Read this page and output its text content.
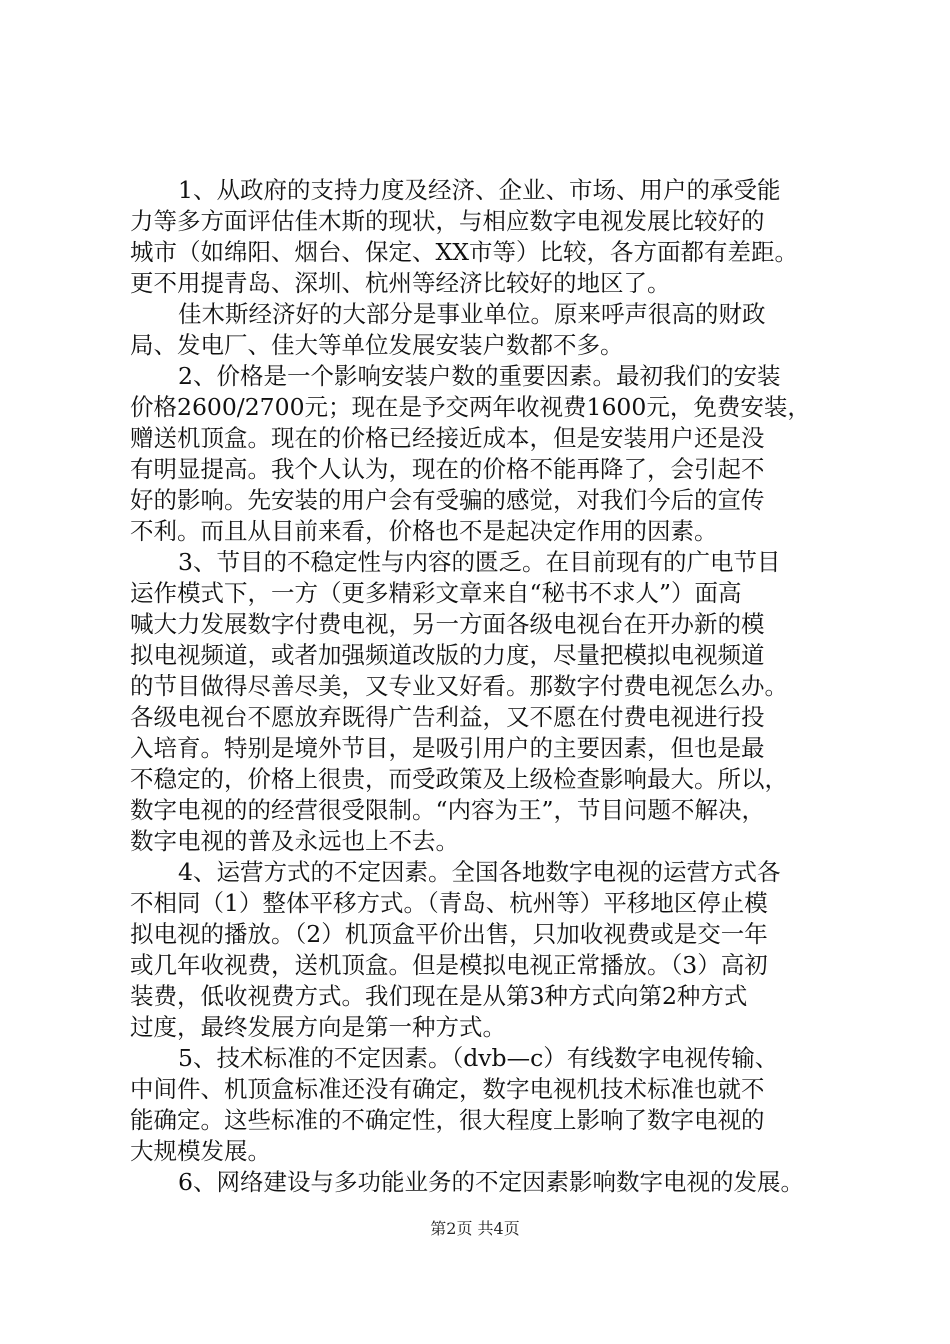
1、从政府的支持力度及经济、企业、市场、用户的承受能

力等多方面评估佳木斯的现状，与相应数字电视发展比较好的

城市（如绵阳、烟台、保定、XX市等）比较，各方面都有差距。

更不用提青岛、深圳、杭州等经济比较好的地区了。

佳木斯经济好的大部分是事业单位。原来呼声很高的财政

局、发电厂、佳大等单位发展安装户数都不多。

2、价格是一个影响安装户数的重要因素。最初我们的安装

价格2600/2700元；现在是予交两年收视费1600元，免费安装，

赠送机顶盒。现在的价格已经接近成本，但是安装用户还是没

有明显提高。我个人认为，现在的价格不能再降了，会引起不

好的影响。先安装的用户会有受骗的感觉，对我们今后的宣传

不利。而且从目前来看，价格也不是起决定作用的因素。

3、节目的不稳定性与内容的匮乏。在目前现有的广电节目

运作模式下，一方（更多精彩文章来自“秘书不求人”）面高

喊大力发展数字付费电视，另一方面各级电视台在开办新的模

拟电视频道，或者加强频道改版的力度，尽量把模拟电视频道

的节目做得尽善尽美，又专业又好看。那数字付费电视怎么办。

各级电视台不愿放弃既得广告利益，又不愿在付费电视进行投

入培育。特别是境外节目，是吸引用户的主要因素，但也是最

不稳定的，价格上很贵，而受政策及上级检查影响最大。所以，

数字电视的的经营很受限制。“内容为王”，节目问题不解决，

数字电视的普及永远也上不去。

4、运营方式的不定因素。全国各地数字电视的运营方式各

不相同（1）整体平移方式。（青岛、杭州等）平移地区停止模

拟电视的播放。（2）机顶盒平价出售，只加收视费或是交一年

或几年收视费，送机顶盒。但是模拟电视正常播放。（3）高初

装费，低收视费方式。我们现在是从第3种方式向第2种方式

过度，最终发展方向是第一种方式。

5、技术标准的不定因素。（dvb—c）有线数字电视传输、

中间件、机顶盒标准还没有确定，数字电视机技术标准也就不

能确定。这些标准的不确定性，很大程度上影响了数字电视的

大规模发展。

6、网络建设与多功能业务的不定因素影响数字电视的发展。

第2页 共4页
